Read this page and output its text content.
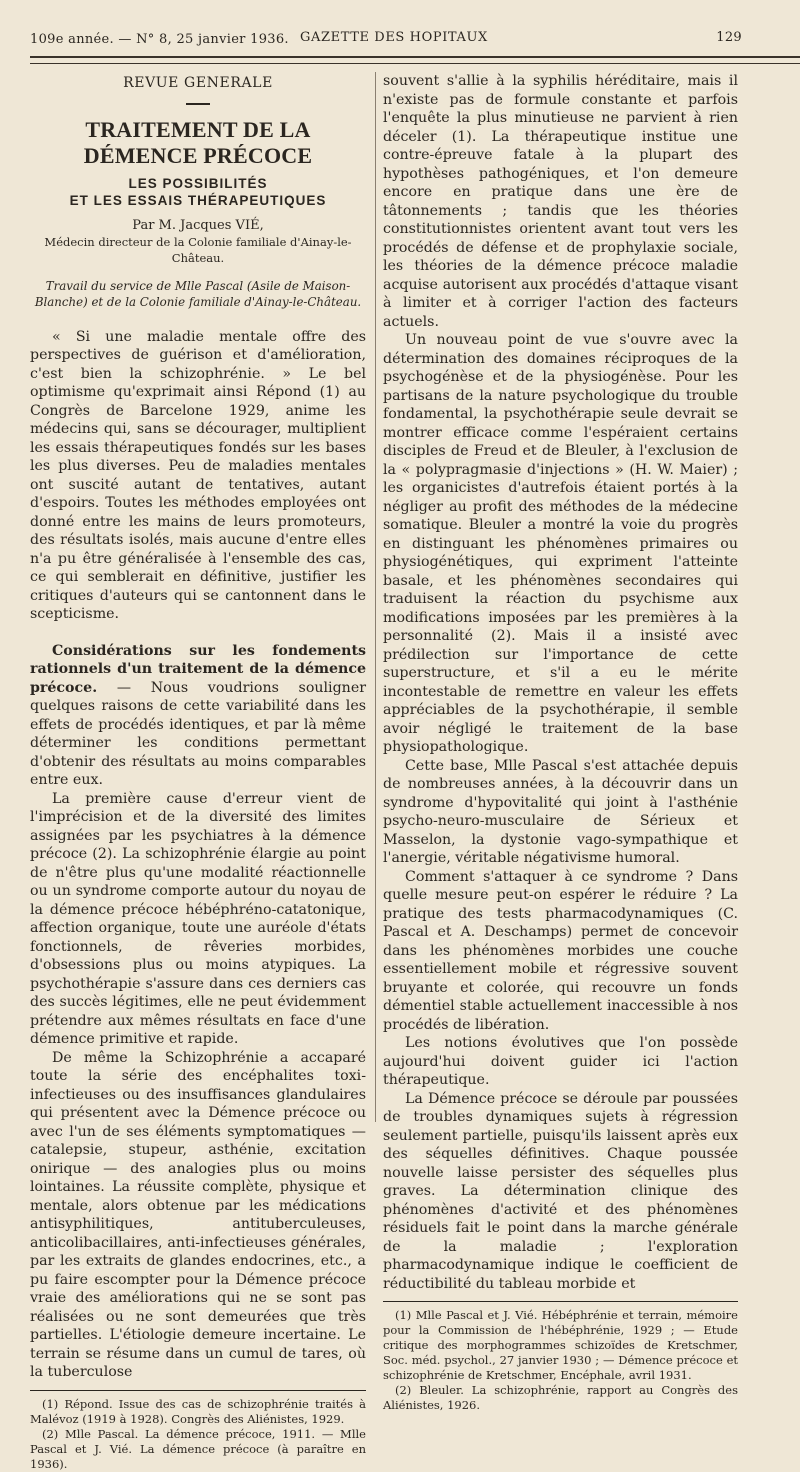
109e année. — N° 8, 25 janvier 1936. GAZETTE DES HOPITAUX	129
REVUE GENERALE
TRAITEMENT DE LA DÉMENCE PRÉCOCE
LES POSSIBILITÉS
ET LES ESSAIS THÉRAPEUTIQUES
Par M. Jacques VIÉ,
Médecin directeur de la Colonie familiale d'Ainay-le-Château.
Travail du service de Mlle Pascal (Asile de Maison-Blanche) et de la Colonie familiale d'Ainay-le-Château.

« Si une maladie mentale offre des perspectives de guérison et d'amélioration, c'est bien la schizophrénie. » Le bel optimisme qu'exprimait ainsi Répond (1) au Congrès de Barcelone 1929, anime les médecins qui, sans se décourager, multiplient les essais thérapeutiques fondés sur les bases les plus diverses. Peu de maladies mentales ont suscité autant de tentatives, autant d'espoirs. Toutes les méthodes employées ont donné entre les mains de leurs promoteurs, des résultats isolés, mais aucune d'entre elles n'a pu être généralisée à l'ensemble des cas, ce qui semblerait en définitive, justifier les critiques d'auteurs qui se cantonnent dans le scepticisme.

Considérations sur les fondements rationnels d'un traitement de la démence précoce. — Nous voudrions souligner quelques raisons de cette variabilité dans les effets de procédés identiques, et par là même déterminer les conditions permettant d'obtenir des résultats au moins comparables entre eux.

La première cause d'erreur vient de l'imprécision et de la diversité des limites assignées par les psychiatres à la démence précoce (2). La schizophrénie élargie au point de n'être plus qu'une modalité réactionnelle ou un syndrome comporte autour du noyau de la démence précoce hébéphréno-catatonique, affection organique, toute une auréole d'états fonctionnels, de rêveries morbides, d'obsessions plus ou moins atypiques. La psychothérapie s'assure dans ces derniers cas des succès légitimes, elle ne peut évidemment prétendre aux mêmes résultats en face d'une démence primitive et rapide.

De même la Schizophrénie a accaparé toute la série des encéphalites toxi-infectieuses ou des insuffisances glandulaires qui présentent avec la Démence précoce ou avec l'un de ses éléments symptomatiques — catalepsie, stupeur, asthénie, excitation onirique — des analogies plus ou moins lointaines. La réussite complète, physique et mentale, alors obtenue par les médications antisyphilitiques, antituberculeuses, anticolibacillaires, anti-infectieuses générales, par les extraits de glandes endocrines, etc., a pu faire escompter pour la Démence précoce vraie des améliorations qui ne se sont pas réalisées ou ne sont demeurées que très partielles. L'étiologie demeure incertaine. Le terrain se résume dans un cumul de tares, où la tuberculose

(1) Répond. Issue des cas de schizophrénie traités à Malévoz (1919 à 1928). Congrès des Aliénistes, 1929.

(2) Mlle Pascal. La démence précoce, 1911. — Mlle Pascal et J. Vié. La démence précoce (à paraître en 1936).

souvent s'allie à la syphilis héréditaire, mais il n'existe pas de formule constante et parfois l'enquête la plus minutieuse ne parvient à rien déceler (1). La thérapeutique institue une contre-épreuve fatale à la plupart des hypothèses pathogéniques, et l'on demeure encore en pratique dans une ère de tâtonnements ; tandis que les théories constitutionnistes orientent avant tout vers les procédés de défense et de prophylaxie sociale, les théories de la démence précoce maladie acquise autorisent aux procédés d'attaque visant à limiter et à corriger l'action des facteurs actuels.

Un nouveau point de vue s'ouvre avec la détermination des domaines réciproques de la psychogénèse et de la physiogénèse. Pour les partisans de la nature psychologique du trouble fondamental, la psychothérapie seule devrait se montrer efficace comme l'espéraient certains disciples de Freud et de Bleuler, à l'exclusion de la « polypragmasie d'injections » (H. W. Maier) ; les organicistes d'autrefois étaient portés à la négliger au profit des méthodes de la médecine somatique. Bleuler a montré la voie du progrès en distinguant les phénomènes primaires ou physiogénétiques, qui expriment l'atteinte basale, et les phénomènes secondaires qui traduisent la réaction du psychisme aux modifications imposées par les premières à la personnalité (2). Mais il a insisté avec prédilection sur l'importance de cette superstructure, et s'il a eu le mérite incontestable de remettre en valeur les effets appréciables de la psychothérapie, il semble avoir négligé le traitement de la base physiopathologique.

Cette base, Mlle Pascal s'est attachée depuis de nombreuses années, à la découvrir dans un syndrome d'hypovitalité qui joint à l'asthénie psycho-neuro-musculaire de Sérieux et Masselon, la dystonie vago-sympathique et l'anergie, véritable négativisme humoral.

Comment s'attaquer à ce syndrome ? Dans quelle mesure peut-on espérer le réduire ? La pratique des tests pharmacodynamiques (C. Pascal et A. Deschamps) permet de concevoir dans les phénomènes morbides une couche essentiellement mobile et régressive souvent bruyante et colorée, qui recouvre un fonds démentiel stable actuellement inaccessible à nos procédés de libération.

Les notions évolutives que l'on possède aujourd'hui doivent guider ici l'action thérapeutique.

La Démence précoce se déroule par poussées de troubles dynamiques sujets à régression seulement partielle, puisqu'ils laissent après eux des séquelles définitives. Chaque poussée nouvelle laisse persister des séquelles plus graves. La détermination clinique des phénomènes d'activité et des phénomènes résiduels fait le point dans la marche générale de la maladie ; l'exploration pharmacodynamique indique le coefficient de réductibilité du tableau morbide et

(1) Mlle Pascal et J. Vié. Hébéphrénie et terrain, mémoire pour la Commission de l'hébéphrénie, 1929 ; — Etude critique des morphogrammes schizoïdes de Kretschmer, Soc. méd. psychol., 27 janvier 1930 ; — Démence précoce et schizophrénie de Kretschmer, Encéphale, avril 1931.

(2) Bleuler. La schizophrénie, rapport au Congrès des Aliénistes, 1926.
